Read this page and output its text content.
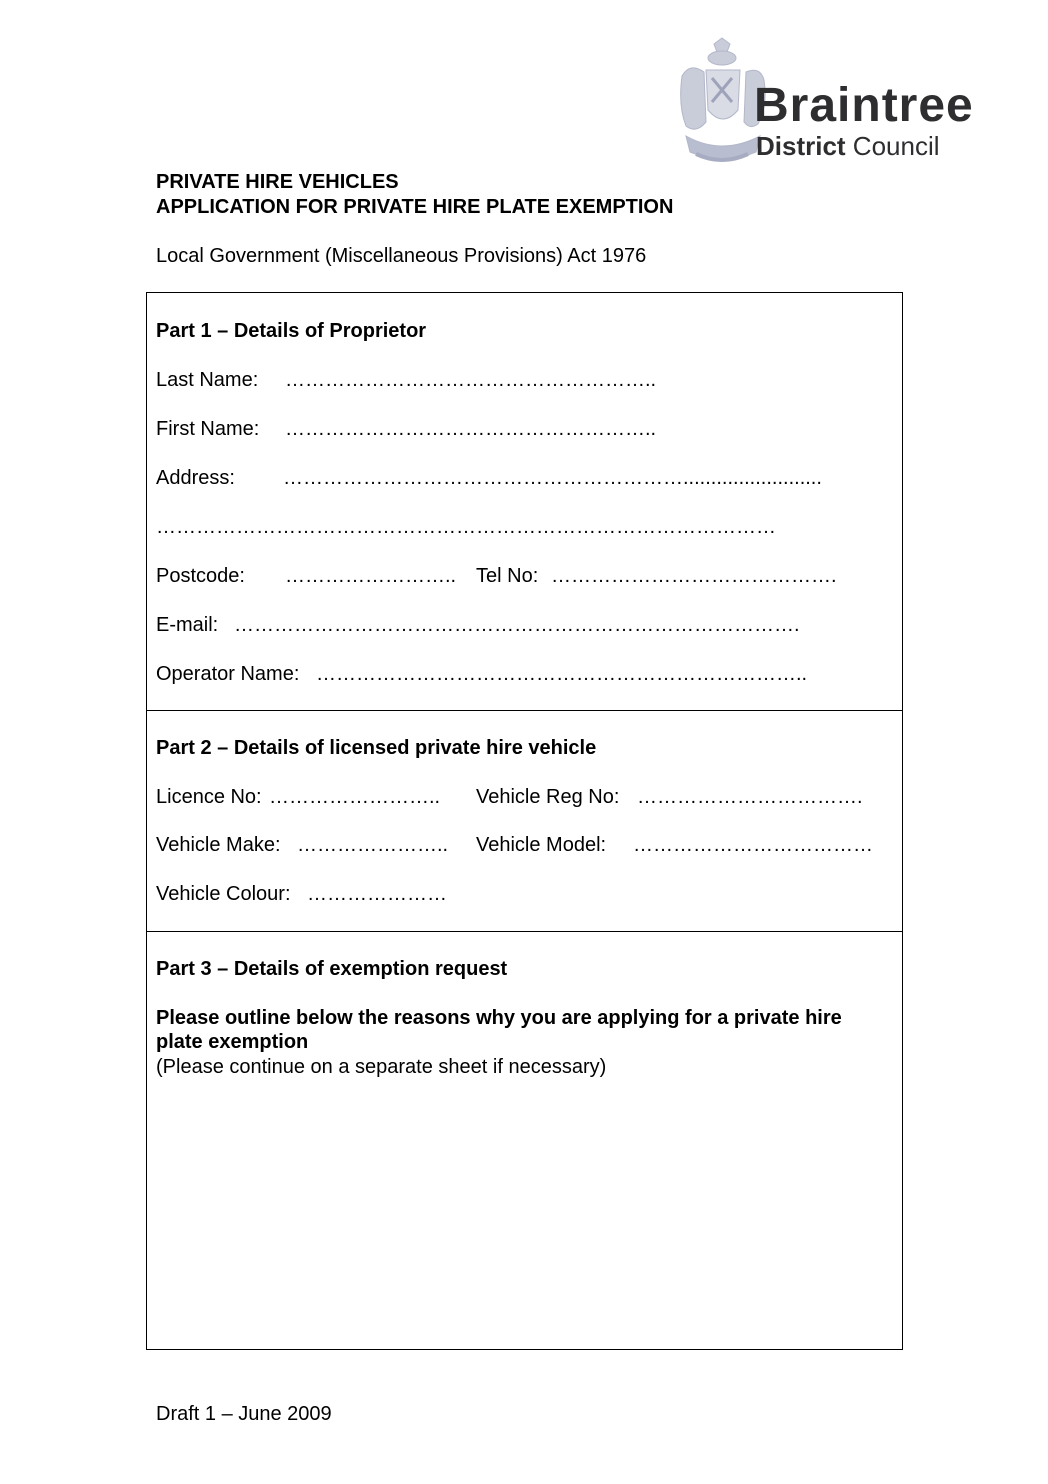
Braintree
District Council
PRIVATE HIRE VEHICLES
APPLICATION FOR PRIVATE HIRE PLATE EXEMPTION
Local Government (Miscellaneous Provisions) Act 1976
Part 1 – Details of Proprietor
Last Name: ………………………………………………..
First Name: ………………………………………………..
Address: …………………………………………………….........................
…………………………………………………………………………………
Postcode: …………………….. Tel No: …………………………………….
E-mail: ………………………………………………………………………….
Operator Name: ………………………………………………………………..
Part 2 – Details of licensed private hire vehicle
Licence No: …………………….. Vehicle Reg No: …………………………….
Vehicle Make: ………………….. Vehicle Model: ………………………………
Vehicle Colour: …………………
Part 3 – Details of exemption request
Please outline below the reasons why you are applying for a private hire plate exemption
(Please continue on a separate sheet if necessary)
Draft 1 – June 2009
